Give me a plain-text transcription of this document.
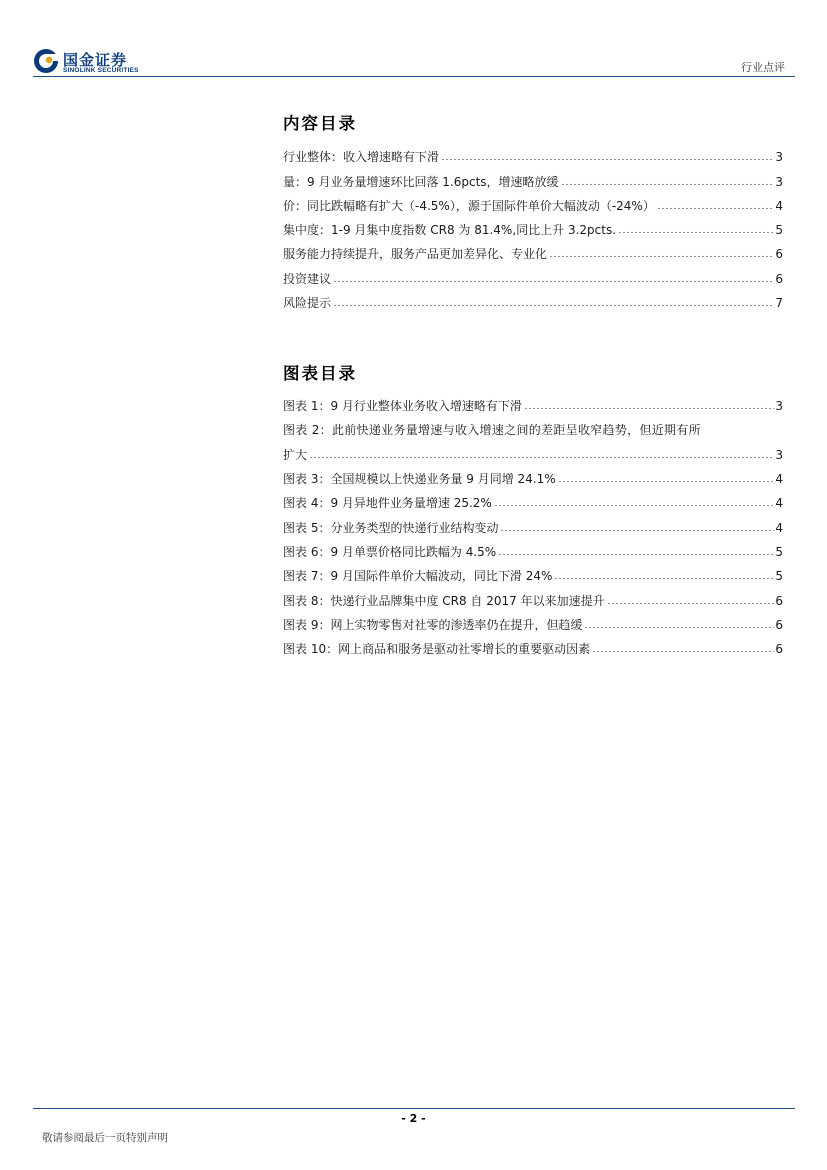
国金证券
SINOLINK SECURITIES	行业点评
内容目录
行业整体：收入增速略有下滑	3
量：9 月业务量增速环比回落 1.6pcts，增速略放缓	3
价：同比跌幅略有扩大（-4.5%），源于国际件单价大幅波动（-24%）	4
集中度：1-9 月集中度指数 CR8 为 81.4%,同比上升 3.2pcts.	5
服务能力持续提升，服务产品更加差异化、专业化	6
投资建议	6
风险提示	7
图表目录
图表 1：9 月行业整体业务收入增速略有下滑	3
图表 2：此前快递业务量增速与收入增速之间的差距呈收窄趋势，但近期有所
扩大	3
图表 3：全国规模以上快递业务量 9 月同增 24.1%	4
图表 4：9 月异地件业务量增速 25.2%	4
图表 5：分业务类型的快递行业结构变动	4
图表 6：9 月单票价格同比跌幅为 4.5%	5
图表 7：9 月国际件单价大幅波动，同比下滑 24%	5
图表 8：快递行业品牌集中度 CR8 自 2017 年以来加速提升	6
图表 9：网上实物零售对社零的渗透率仍在提升，但趋缓	6
图表 10：网上商品和服务是驱动社零增长的重要驱动因素	6
- 2 -
敬请参阅最后一页特别声明
